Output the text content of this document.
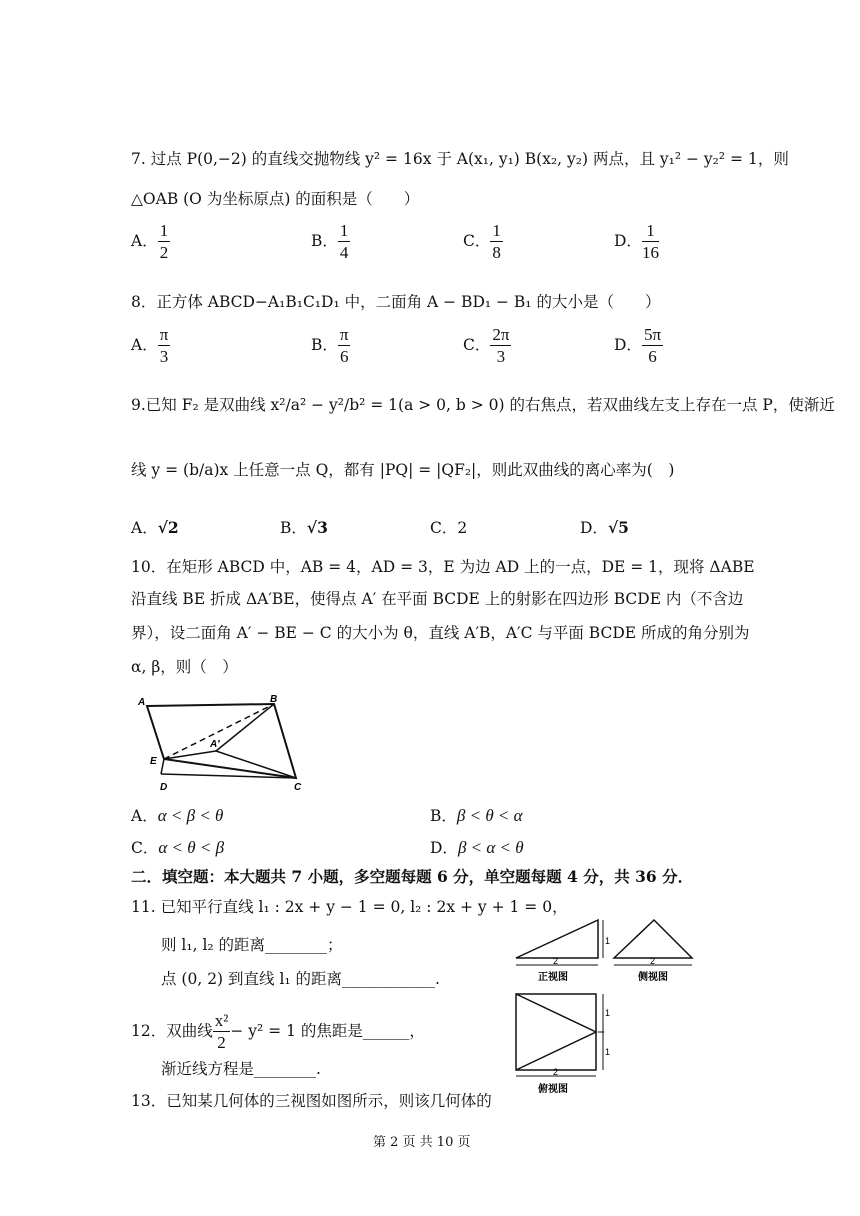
7. 过点 P(0,−2) 的直线交抛物线 y² = 16x 于 A(x₁, y₁) B(x₂, y₂) 两点，且 y₁² − y₂² = 1，则
△OAB (O 为坐标原点) 的面积是（　　）
A． $\frac{1}{2}$	B． $\frac{1}{4}$	C． $\frac{1}{8}$	D． $\frac{1}{16}$
8．正方体 ABCD−A₁B₁C₁D₁ 中，二面角 A − BD₁ − B₁ 的大小是（　　）
A． $\frac{\pi}{3}$	B． $\frac{\pi}{6}$	C． $\frac{2\pi}{3}$	D． $\frac{5\pi}{6}$
9.已知 F₂ 是双曲线 x²/a² − y²/b² = 1(a > 0, b > 0) 的右焦点，若双曲线左支上存在一点 P，使渐近
线 y = (b/a)x 上任意一点 Q，都有 |PQ| = |QF₂|，则此双曲线的离心率为(　)
A．√2	B．√3	C．2	D．√5
10．在矩形 ABCD 中，AB = 4，AD = 3，E 为边 AD 上的一点，DE = 1，现将 ΔABE
沿直线 BE 折成 ΔA′BE，使得点 A′ 在平面 BCDE 上的射影在四边形 BCDE 内（不含边
界），设二面角 A′ − BE − C 的大小为 θ，直线 A′B，A′C 与平面 BCDE 所成的角分别为
α, β，则（　）
A	B
E
A′
D	C
A．α < β < θ	B．β < θ < α
C．α < θ < β	D．β < α < θ
二．填空题：本大题共 7 小题，多空题每题 6 分，单空题每题 4 分，共 36 分．
11. 已知平行直线 l₁ : 2x + y − 1 = 0, l₂ : 2x + y + 1 = 0，
则 l₁, l₂ 的距离________；
点 (0, 2) 到直线 l₁ 的距离____________.
12．双曲线 $\frac{\text{x²}}{2} - y^2 = 1$ 的焦距是______，
渐近线方程是________.
13．已知某几何体的三视图如图所示，则该几何体的
1
2
正视图
2
侧视图
1
1
2
俯视图
第 2 页 共 10 页
